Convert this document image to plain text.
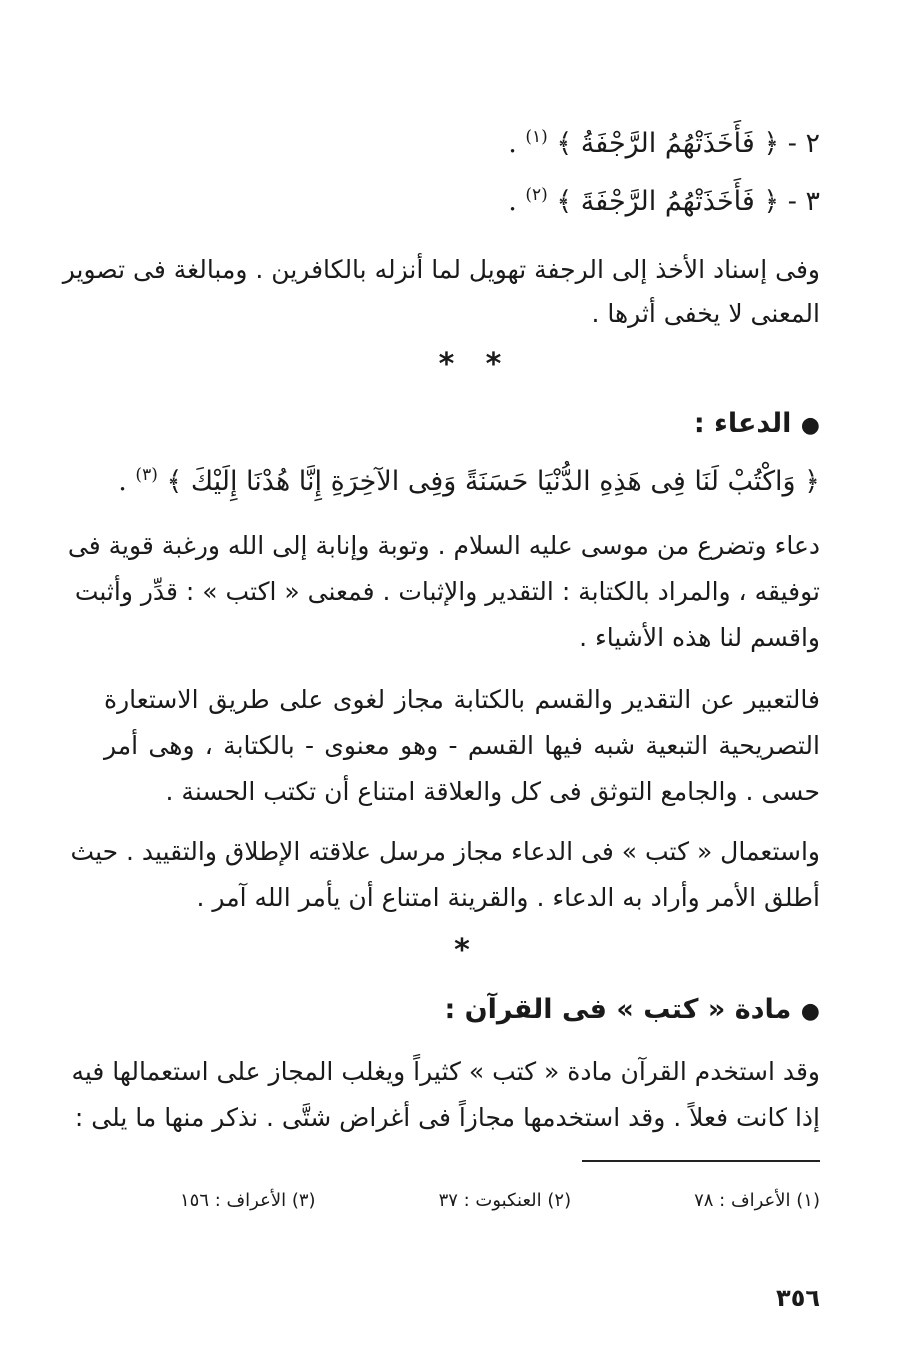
٢ - ﴿ فَأَخَذَتْهُمُ الرَّجْفَةُ ﴾ $^{(١)}$ .
٣ - ﴿ فَأَخَذَتْهُمُ الرَّجْفَةَ ﴾ $^{(٢)}$ .
وفى إسناد الأخذ إلى الرجفة تهويل لما أنزله بالكافرين . ومبالغة فى تصوير
المعنى لا يخفى أثرها .
*   *
● الدعاء :
﴿ وَاكْتُبْ لَنَا فِى هَذِهِ الدُّنْيَا حَسَنَةً وَفِى الآخِرَةِ إِنَّا هُدْنَا إِلَيْكَ ﴾ $^{(٣)}$ .
دعاء وتضرع من موسى عليه السلام . وتوبة وإنابة إلى الله ورغبة قوية فى
توفيقه ، والمراد بالكتابة : التقدير والإثبات . فمعنى « اكتب » : قدِّر وأثبت
واقسم لنا هذه الأشياء .
فالتعبير عن التقدير والقسم بالكتابة مجاز لغوى على طريق الاستعارة
التصريحية التبعية شبه فيها القسم - وهو معنوى - بالكتابة ، وهى أمر
حسى . والجامع التوثق فى كل والعلاقة امتناع أن تكتب الحسنة .
واستعمال « كتب » فى الدعاء مجاز مرسل علاقته الإطلاق والتقييد . حيث
أطلق الأمر وأراد به الدعاء . والقرينة امتناع أن يأمر الله آمر .
*
● مادة « كتب » فى القرآن :
وقد استخدم القرآن مادة « كتب » كثيراً ويغلب المجاز على استعمالها فيه
إذا كانت فعلاً . وقد استخدمها مجازاً فى أغراض شتَّى . نذكر منها ما يلى :
(١) الأعراف : ٧٨
(٢) العنكبوت : ٣٧
(٣) الأعراف : ١٥٦
٣٥٦
